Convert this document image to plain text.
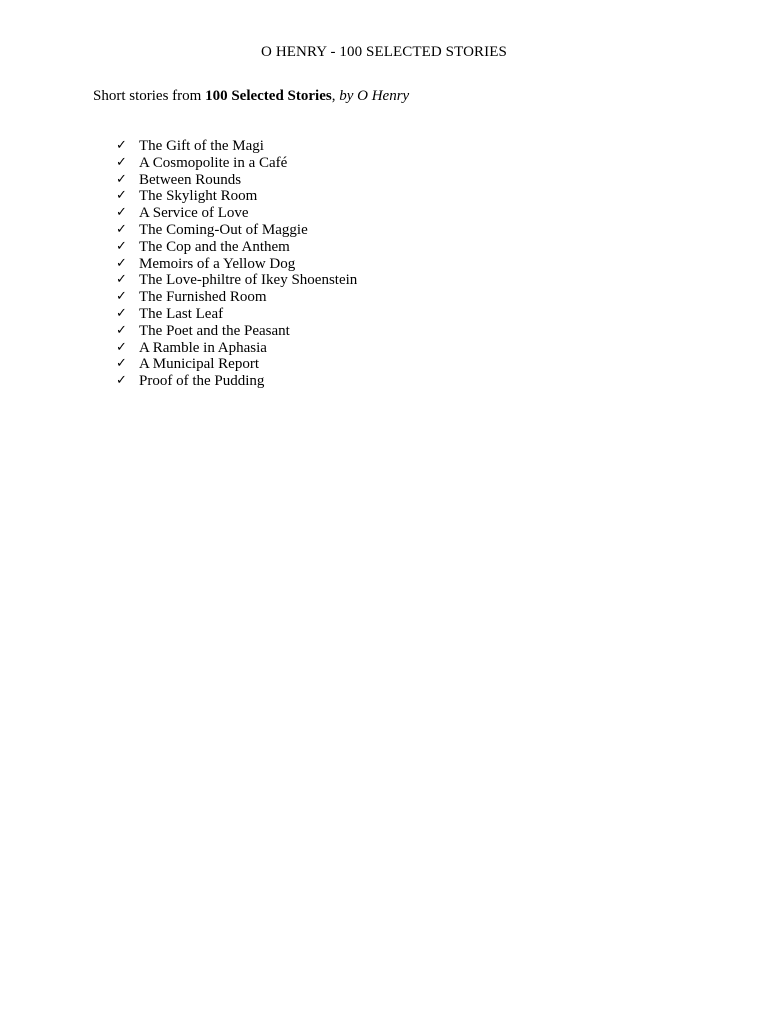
O HENRY - 100 SELECTED STORIES
Short stories from 100 Selected Stories, by O Henry
✓ The Gift of the Magi
✓ A Cosmopolite in a Café
✓ Between Rounds
✓ The Skylight Room
✓ A Service of Love
✓ The Coming-Out of Maggie
✓ The Cop and the Anthem
✓ Memoirs of a Yellow Dog
✓ The Love-philtre of Ikey Shoenstein
✓ The Furnished Room
✓ The Last Leaf
✓ The Poet and the Peasant
✓ A Ramble in Aphasia
✓ A Municipal Report
✓ Proof of the Pudding
